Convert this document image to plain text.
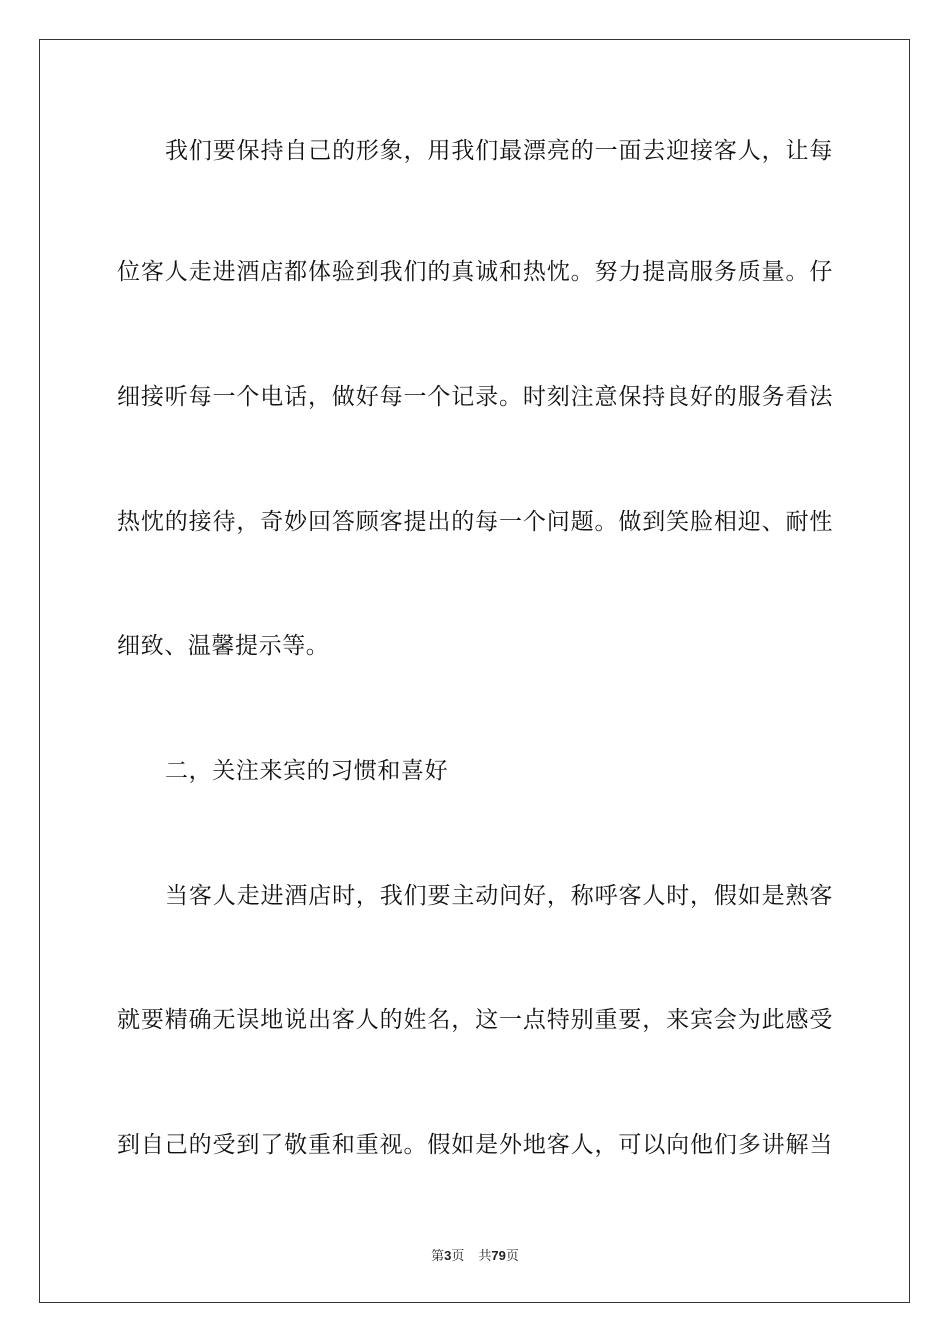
我们要保持自己的形象，用我们最漂亮的一面去迎接客人，让每
位客人走进酒店都体验到我们的真诚和热忱。努力提高服务质量。仔
细接听每一个电话，做好每一个记录。时刻注意保持良好的服务看法
热忱的接待，奇妙回答顾客提出的每一个问题。做到笑脸相迎、耐性
细致、温馨提示等。
二，关注来宾的习惯和喜好
当客人走进酒店时，我们要主动问好，称呼客人时，假如是熟客
就要精确无误地说出客人的姓名，这一点特别重要，来宾会为此感受
到自己的受到了敬重和重视。假如是外地客人，可以向他们多讲解当
第3页 共79页
